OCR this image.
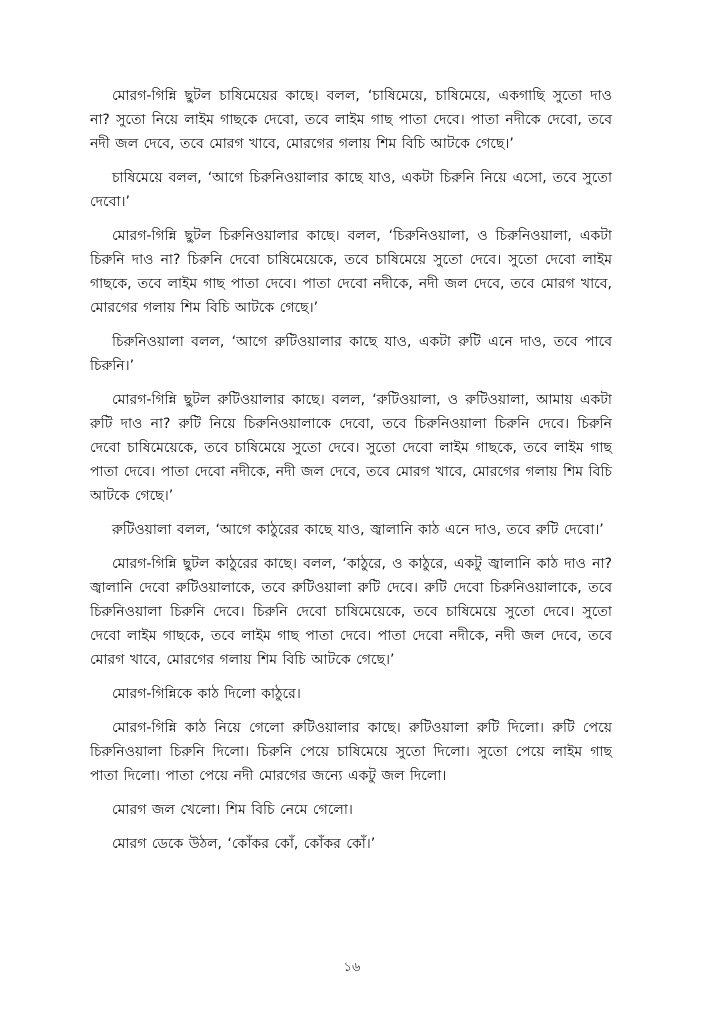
মোরগ-গিন্নি ছুটল চাষিমেয়ের কাছে। বলল, ‘চাষিমেয়ে, চাষিমেয়ে, একগাছি সুতো দাও না? সুতো নিয়ে লাইম গাছকে দেবো, তবে লাইম গাছ পাতা দেবে। পাতা নদীকে দেবো, তবে নদী জল দেবে, তবে মোরগ খাবে, মোরগের গলায় শিম বিচি আটকে গেছে।’

চাষিমেয়ে বলল, ‘আগে চিরুনিওয়ালার কাছে যাও, একটা চিরুনি নিয়ে এসো, তবে সুতো দেবো।’

মোরগ-গিন্নি ছুটল চিরুনিওয়ালার কাছে। বলল, ‘চিরুনিওয়ালা, ও চিরুনিওয়ালা, একটা চিরুনি দাও না? চিরুনি দেবো চাষিমেয়েকে, তবে চাষিমেয়ে সুতো দেবে। সুতো দেবো লাইম গাছকে, তবে লাইম গাছ পাতা দেবে। পাতা দেবো নদীকে, নদী জল দেবে, তবে মোরগ খাবে, মোরগের গলায় শিম বিচি আটকে গেছে।’

চিরুনিওয়ালা বলল, ‘আগে রুটিওয়ালার কাছে যাও, একটা রুটি এনে দাও, তবে পাবে চিরুনি।’

মোরগ-গিন্নি ছুটল রুটিওয়ালার কাছে। বলল, ‘রুটিওয়ালা, ও রুটিওয়ালা, আমায় একটা রুটি দাও না? রুটি নিয়ে চিরুনিওয়ালাকে দেবো, তবে চিরুনিওয়ালা চিরুনি দেবে। চিরুনি দেবো চাষিমেয়েকে, তবে চাষিমেয়ে সুতো দেবে। সুতো দেবো লাইম গাছকে, তবে লাইম গাছ পাতা দেবে। পাতা দেবো নদীকে, নদী জল দেবে, তবে মোরগ খাবে, মোরগের গলায় শিম বিচি আটকে গেছে।’

রুটিওয়ালা বলল, ‘আগে কাঠুরের কাছে যাও, জ্বালানি কাঠ এনে দাও, তবে রুটি দেবো।’

মোরগ-গিন্নি ছুটল কাঠুরের কাছে। বলল, ‘কাঠুরে, ও কাঠুরে, একটু জ্বালানি কাঠ দাও না? জ্বালানি দেবো রুটিওয়ালাকে, তবে রুটিওয়ালা রুটি দেবে। রুটি দেবো চিরুনিওয়ালাকে, তবে চিরুনিওয়ালা চিরুনি দেবে। চিরুনি দেবো চাষিমেয়েকে, তবে চাষিমেয়ে সুতো দেবে। সুতো দেবো লাইম গাছকে, তবে লাইম গাছ পাতা দেবে। পাতা দেবো নদীকে, নদী জল দেবে, তবে মোরগ খাবে, মোরগের গলায় শিম বিচি আটকে গেছে।’

মোরগ-গিন্নিকে কাঠ দিলো কাঠুরে।

মোরগ-গিন্নি কাঠ নিয়ে গেলো রুটিওয়ালার কাছে। রুটিওয়ালা রুটি দিলো। রুটি পেয়ে চিরুনিওয়ালা চিরুনি দিলো। চিরুনি পেয়ে চাষিমেয়ে সুতো দিলো। সুতো পেয়ে লাইম গাছ পাতা দিলো। পাতা পেয়ে নদী মোরগের জন্যে একটু জল দিলো।

মোরগ জল খেলো। শিম বিচি নেমে গেলো।

মোরগ ডেকে উঠল, ‘কোঁকর কোঁ, কোঁকর কোঁ।’

১৬
